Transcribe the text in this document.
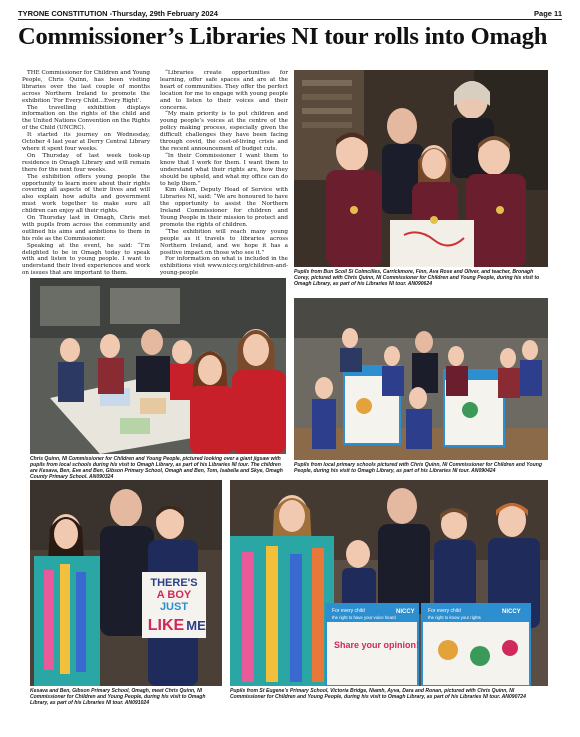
TYRONE CONSTITUTION -Thursday, 29th February 2024	Page 11
Commissioner’s Libraries NI tour rolls into Omagh

THE Commissioner for Children and Young People, Chris Quinn, has been visiting libraries over the last couple of months across Northern Ireland to promote the exhibition ‘For Every Child…Every Right’.

The travelling exhibition displays information on the rights of the child and the United Nations Convention on the Rights of the Child (UNCRC).

It started its journey on Wednesday, October 4 last year at Derry Central Library where it spent four weeks.

On Thursday of last week took-up residence in Omagh Library and will remain there for the next four weeks.

The exhibition offers young people the opportunity to learn more about their rights covering all aspects of their lives and will also explain how adults and government must work together to make sure all children can enjoy all their rights.

On Thursday last in Omagh, Chris met with pupils from across the community and outlined his aims and ambitions to them in his role as the Commissioner.

Speaking at the event, he said: “I’m delighted to be in Omagh today to speak with and listen to young people. I want to understand their lived experiences and work on issues that are important to them.

“Libraries create opportunities for learning, offer safe spaces and are at the heart of communities. They offer the perfect location for me to engage with young people and to listen to their voices and their concerns.

“My main priority is to put children and young people’s voices at the centre of the policy making process, especially given the difficult challenges they have been facing through covid, the cost-of-living crisis and the recent announcement of budget cuts.

“In their Commissioner I want them to know that I work for them. I want them to understand what their rights are, how they should be upheld, and what my office can do to help them.”

Kim Aiken, Deputy Head of Service with Libraries NI, said: “We are honoured to have the opportunity to assist the Northern Ireland Commissioner for children and Young People in their mission to protect and promote the rights of children.

“The exhibition will reach many young people as it travels to libraries across Northern Ireland, and we hope it has a positive impact on those who see it.”

For information on what is included in the exhibitions visit www.niccy.org/children-and-young-people	Pupils from Bun Scoil Si Colmcilles, Carrickmore, Finn, Ava Rose and Oliver, and teacher, Bronagh Corey, pictured with Chris Quinn, NI Commissioner for Children and Young People, during his visit to Omagh Library, as part of his Libraries NI tour. AN090624
Chris Quinn, NI Commissioner for Children and Young People, pictured looking over a giant jigsaw with pupils from local schools during his visit to Omagh Library, as part of his Libraries NI tour. The children are Kesava, Ben, Eve and Ben, Gibson Primary School, Omagh and Ben, Tom, Isabella and Skye, Omagh County Primary School. AN090324
Pupils from local primary schools pictured with Chris Quinn, NI Commissioner for Children and Young People, during his visit to Omagh Library, as part of his Libraries NI tour. AN090424
THERE'S
A BOY
JUST
LIKE ME
Kesava and Ben, Gibson Primary School, Omagh, meet Chris Quinn, NI Commissioner for Children and Young People, during his visit to Omagh Library, as part of his Libraries NI tour. AN091024
For every child
the right to have your voice heard
Share your opinion!
NICCY	For every child
the right to know your rights
NICCY
Pupils from St Eugene’s Primary School, Victoria Bridge, Niamh, Ayva, Dara and Ronan, pictured with Chris Quinn, NI Commissioner for Children and Young People, during his visit to Omagh Library, as part of his Libraries NI tour. AN090724
